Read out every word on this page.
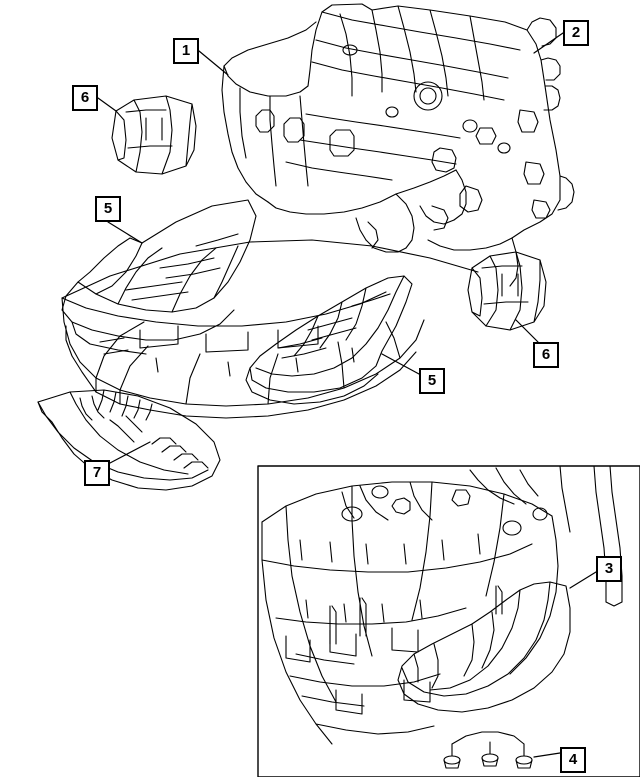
1
2
6
5
6
5
7
3
4
